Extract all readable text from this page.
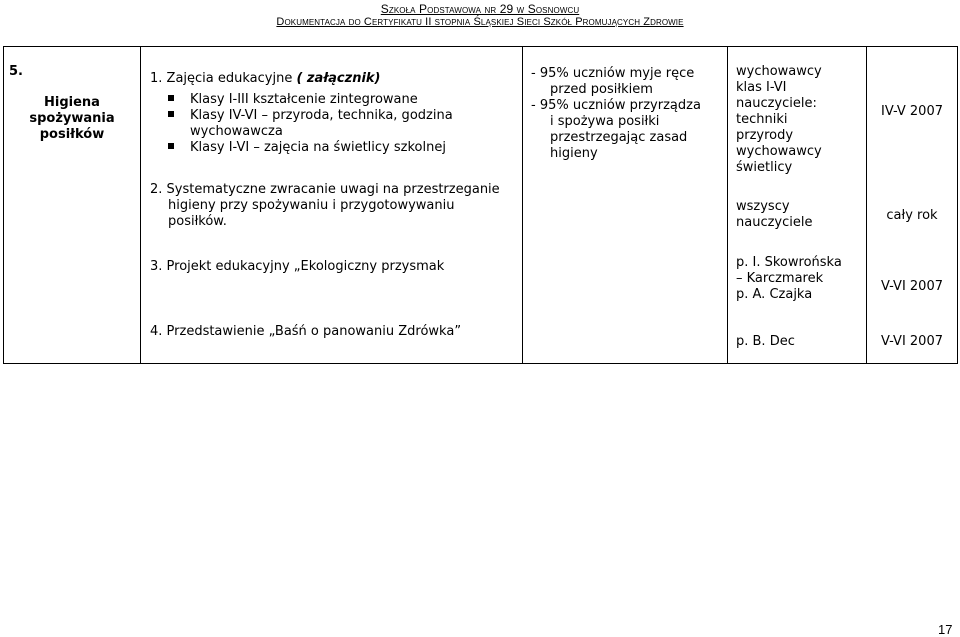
Szkoła Podstawowa nr 29 w Sosnowcu
Dokumentacja do Certyfikatu II stopnia Śląskiej Sieci Szkół Promujących Zdrowie
5.
Higiena
spożywania
posiłków
1. Zajęcia edukacyjne ( załącznik)
Klasy I-III kształcenie zintegrowane
Klasy IV-VI – przyroda, technika, godzina
wychowawcza
Klasy I-VI – zajęcia na świetlicy szkolnej
2. Systematyczne zwracanie uwagi na przestrzeganie
higieny przy spożywaniu i przygotowywaniu
posiłków.
3. Projekt edukacyjny „Ekologiczny przysmak
4. Przedstawienie „Baśń o panowaniu Zdrówka”
- 95% uczniów myje ręce
przed posiłkiem
- 95% uczniów przyrządza
i spożywa posiłki
przestrzegając zasad
higieny
wychowawcy
klas I-VI
nauczyciele:
techniki
przyrody
wychowawcy
świetlicy
wszyscy
nauczyciele
p. I. Skowrońska
– Karczmarek
p. A. Czajka
p. B. Dec
IV-V 2007
cały rok
V-VI 2007
V-VI 2007
17
